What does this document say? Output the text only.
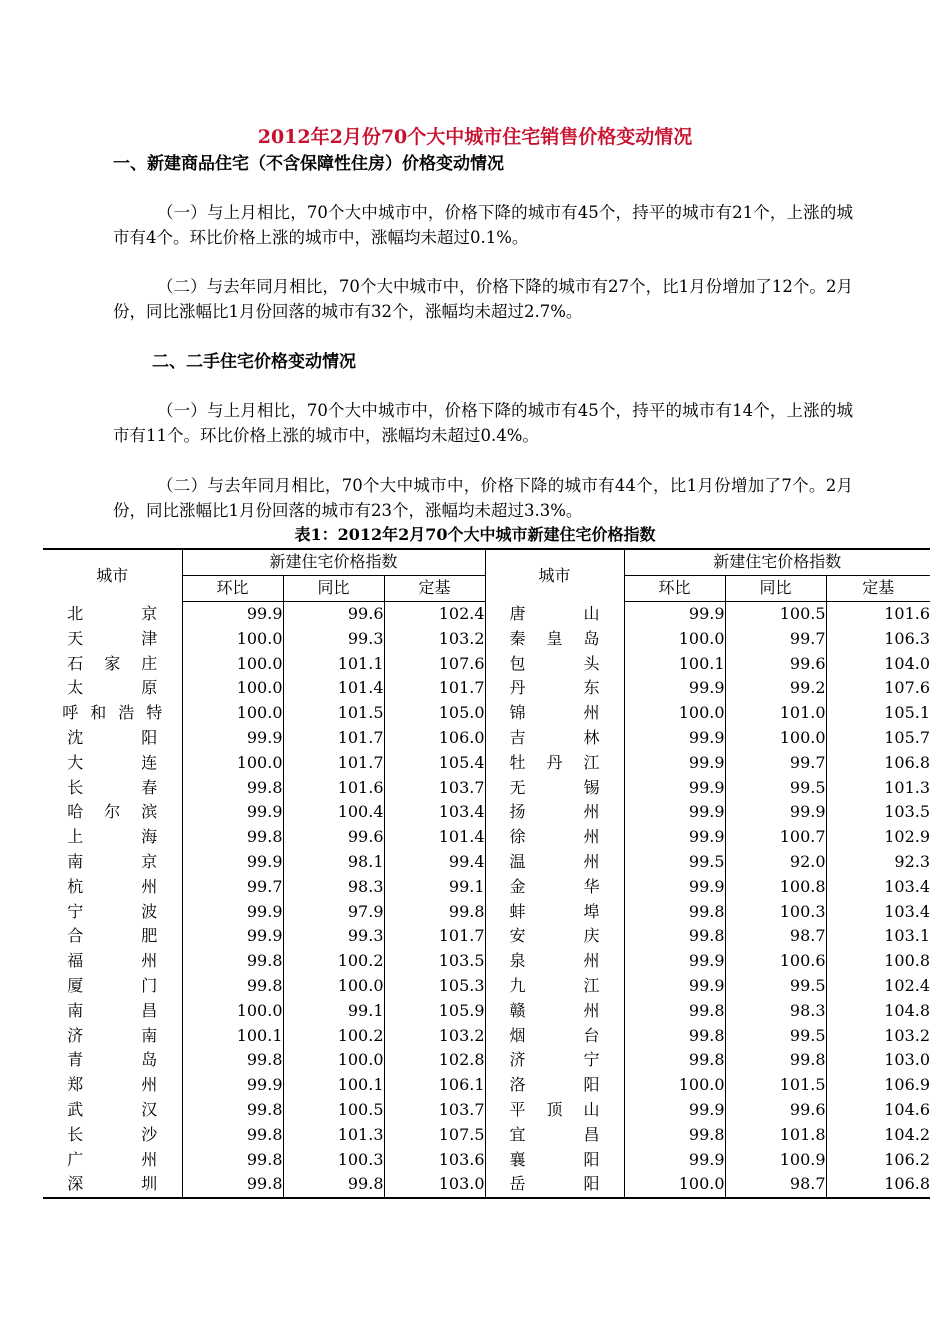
2012年2月份70个大中城市住宅销售价格变动情况
一、新建商品住宅（不含保障性住房）价格变动情况
（一）与上月相比，70个大中城市中，价格下降的城市有45个，持平的城市有21个，上涨的城市有4个。环比价格上涨的城市中，涨幅均未超过0.1%。
（二）与去年同月相比，70个大中城市中，价格下降的城市有27个，比1月份增加了12个。2月份，同比涨幅比1月份回落的城市有32个，涨幅均未超过2.7%。
二、二手住宅价格变动情况
（一）与上月相比，70个大中城市中，价格下降的城市有45个，持平的城市有14个，上涨的城市有11个。环比价格上涨的城市中，涨幅均未超过0.4%。
（二）与去年同月相比，70个大中城市中，价格下降的城市有44个，比1月份增加了7个。2月份，同比涨幅比1月份回落的城市有23个，涨幅均未超过3.3%。
表1：2012年2月70个大中城市新建住宅价格指数
城市	新建住宅价格指数			城市	新建住宅价格指数		
	环比	同比	定基		环比	同比	定基

北 京	99.9	99.6	102.4	唐 山	99.9	100.5	101.6

天 津	100.0	99.3	103.2	秦 皇 岛	100.0	99.7	106.3

石 家 庄	100.0	101.1	107.6	包 头	100.1	99.6	104.0

太 原	100.0	101.4	101.7	丹 东	99.9	99.2	107.6

呼 和 浩 特	100.0	101.5	105.0	锦 州	100.0	101.0	105.1

沈 阳	99.9	101.7	106.0	吉 林	99.9	100.0	105.7

大 连	100.0	101.7	105.4	牡 丹 江	99.9	99.7	106.8

长 春	99.8	101.6	103.7	无 锡	99.9	99.5	101.3

哈 尔 滨	99.9	100.4	103.4	扬 州	99.9	99.9	103.5

上 海	99.8	99.6	101.4	徐 州	99.9	100.7	102.9

南 京	99.9	98.1	99.4	温 州	99.5	92.0	92.3

杭 州	99.7	98.3	99.1	金 华	99.9	100.8	103.4

宁 波	99.9	97.9	99.8	蚌 埠	99.8	100.3	103.4

合 肥	99.9	99.3	101.7	安 庆	99.8	98.7	103.1

福 州	99.8	100.2	103.5	泉 州	99.9	100.6	100.8

厦 门	99.8	100.0	105.3	九 江	99.9	99.5	102.4

南 昌	100.0	99.1	105.9	赣 州	99.8	98.3	104.8

济 南	100.1	100.2	103.2	烟 台	99.8	99.5	103.2

青 岛	99.8	100.0	102.8	济 宁	99.8	99.8	103.0

郑 州	99.9	100.1	106.1	洛 阳	100.0	101.5	106.9

武 汉	99.8	100.5	103.7	平 顶 山	99.9	99.6	104.6

长 沙	99.8	101.3	107.5	宜 昌	99.8	101.8	104.2

广 州	99.8	100.3	103.6	襄 阳	99.9	100.9	106.2

深 圳	99.8	99.8	103.0	岳 阳	100.0	98.7	106.8
